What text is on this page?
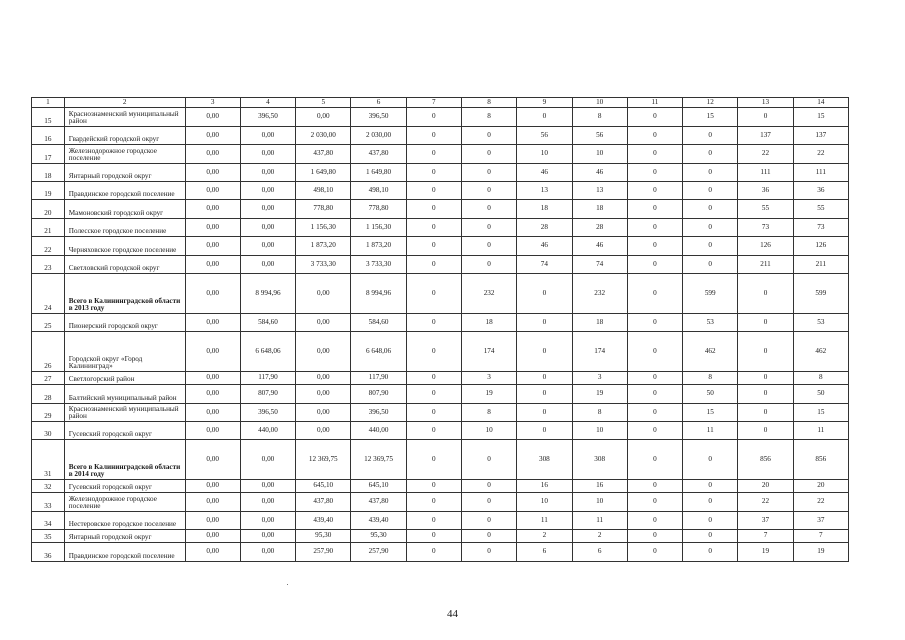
1	2	3	4	5	6	7	8	9	10	11	12	13	14
15	Краснознаменский муниципальный район	0,00	396,50	0,00	396,50	0	8	0	8	0	15	0	15
16	Гвардейский городской округ	0,00	0,00	2 030,00	2 030,00	0	0	56	56	0	0	137	137
17	Железнодорожное городское поселение	0,00	0,00	437,80	437,80	0	0	10	10	0	0	22	22
18	Янтарный городской округ	0,00	0,00	1 649,80	1 649,80	0	0	46	46	0	0	111	111
19	Правдинское городской поселение	0,00	0,00	498,10	498,10	0	0	13	13	0	0	36	36
20	Мамоновский городской округ	0,00	0,00	778,80	778,80	0	0	18	18	0	0	55	55
21	Полесское городское поселение	0,00	0,00	1 156,30	1 156,30	0	0	28	28	0	0	73	73
22	Черняховское городское поселение	0,00	0,00	1 873,20	1 873,20	0	0	46	46	0	0	126	126
23	Светловский городской округ	0,00	0,00	3 733,30	3 733,30	0	0	74	74	0	0	211	211
24	Всего в Калининградской области в 2013 году	0,00	8 994,96	0,00	8 994,96	0	232	0	232	0	599	0	599
25	Пионерский городской округ	0,00	584,60	0,00	584,60	0	18	0	18	0	53	0	53
26	Городской округ «Город Калининград»	0,00	6 648,06	0,00	6 648,06	0	174	0	174	0	462	0	462
27	Светлогорский район	0,00	117,90	0,00	117,90	0	3	0	3	0	8	0	8
28	Балтийский муниципальный район	0,00	807,90	0,00	807,90	0	19	0	19	0	50	0	50
29	Краснознаменский муниципальный район	0,00	396,50	0,00	396,50	0	8	0	8	0	15	0	15
30	Гусевский городской округ	0,00	440,00	0,00	440,00	0	10	0	10	0	11	0	11
31	Всего в Калининградской области в 2014 году	0,00	0,00	12 369,75	12 369,75	0	0	308	308	0	0	856	856
32	Гусевский городской округ	0,00	0,00	645,10	645,10	0	0	16	16	0	0	20	20
33	Железнодорожное городское поселение	0,00	0,00	437,80	437,80	0	0	10	10	0	0	22	22
34	Нестеровское городское поселение	0,00	0,00	439,40	439,40	0	0	11	11	0	0	37	37
35	Янтарный городской округ	0,00	0,00	95,30	95,30	0	0	2	2	0	0	7	7
36	Правдинское городской поселение	0,00	0,00	257,90	257,90	0	0	6	6	0	0	19	19
44
